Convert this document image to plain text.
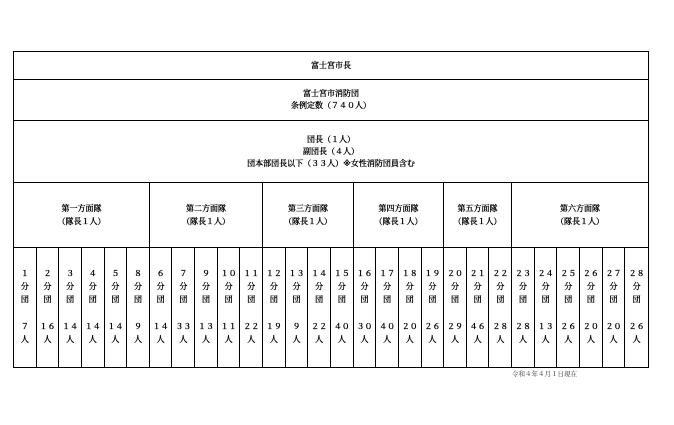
富士宮市長
富士宮市消防団
条例定数（７４０人）
団長（１人）
副団長（４人）
団本部団長以下（３３人）※女性消防団員含む
第一方面隊
（隊長１人）
第二方面隊
（隊長１人）
第三方面隊
（隊長１人）
第四方面隊
（隊長１人）
第五方面隊
（隊長１人）
第六方面隊
（隊長１人）
１
分
団
７
人
２
分
団
１６
人
３
分
団
１４
人
４
分
団
１４
人
５
分
団
１４
人
８
分
団
９
人
６
分
団
１４
人
７
分
団
３３
人
９
分
団
１３
人
１０
分
団
１１
人
１１
分
団
２２
人
１２
分
団
１９
人
１３
分
団
９
人
１４
分
団
２２
人
１５
分
団
４０
人
１６
分
団
３０
人
１７
分
団
４０
人
１８
分
団
２０
人
１９
分
団
２６
人
２０
分
団
２９
人
２１
分
団
４６
人
２２
分
団
２８
人
２３
分
団
２８
人
２４
分
団
１３
人
２５
分
団
２６
人
２６
分
団
２０
人
２７
分
団
２０
人
２８
分
団
２６
人
令和４年４月１日現在
